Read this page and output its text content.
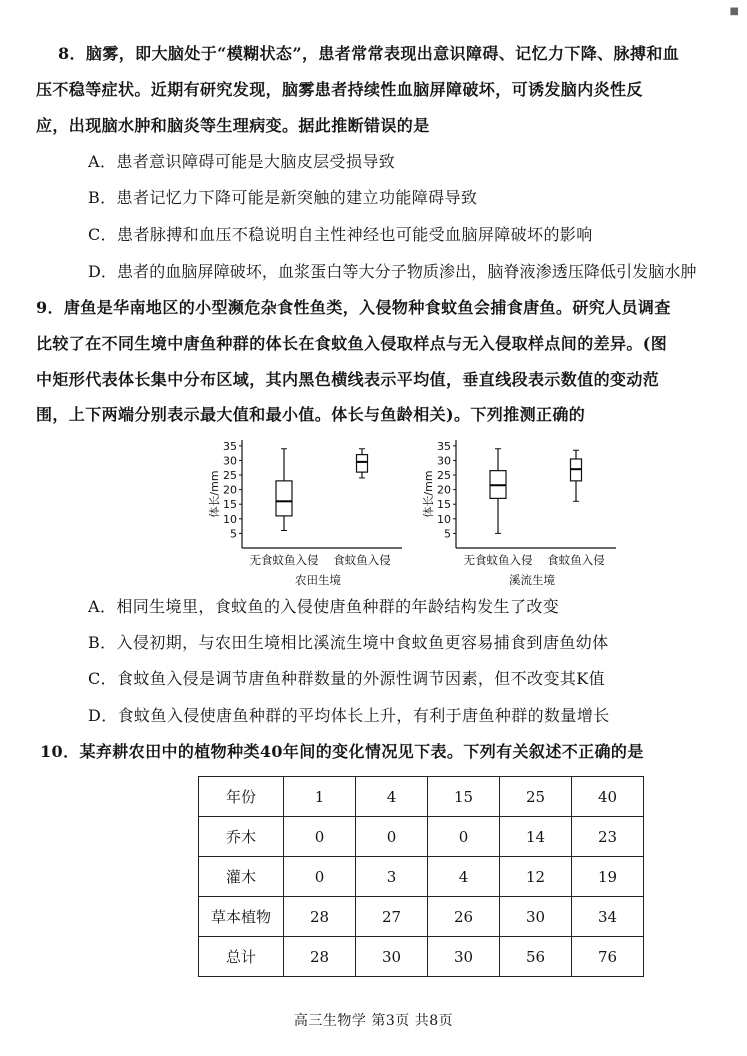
■
8．脑雾，即大脑处于“模糊状态”，患者常常表现出意识障碍、记忆力下降、脉搏和血
压不稳等症状。近期有研究发现，脑雾患者持续性血脑屏障破坏，可诱发脑内炎性反
应，出现脑水肿和脑炎等生理病变。据此推断错误的是
A．患者意识障碍可能是大脑皮层受损导致
B．患者记忆力下降可能是新突触的建立功能障碍导致
C．患者脉搏和血压不稳说明自主性神经也可能受血脑屏障破坏的影响
D．患者的血脑屏障破坏，血浆蛋白等大分子物质渗出，脑脊液渗透压降低引发脑水肿
9．唐鱼是华南地区的小型濒危杂食性鱼类，入侵物种食蚊鱼会捕食唐鱼。研究人员调查
比较了在不同生境中唐鱼种群的体长在食蚊鱼入侵取样点与无入侵取样点间的差异。(图
中矩形代表体长集中分布区域，其内黑色横线表示平均值，垂直线段表示数值的变动范
围，上下两端分别表示最大值和最小值。体长与鱼龄相关)。下列推测正确的
5
10
15
20
25
30
35
体长/mm
无食蚊鱼入侵 食蚊鱼入侵
农田生境
5
10
15
20
25
30
35
体长/mm
无食蚊鱼入侵 食蚊鱼入侵
溪流生境
A．相同生境里，食蚊鱼的入侵使唐鱼种群的年龄结构发生了改变
B．入侵初期，与农田生境相比溪流生境中食蚊鱼更容易捕食到唐鱼幼体
C．食蚊鱼入侵是调节唐鱼种群数量的外源性调节因素，但不改变其K值
D．食蚊鱼入侵使唐鱼种群的平均体长上升，有利于唐鱼种群的数量增长
10．某弃耕农田中的植物种类40年间的变化情况见下表。下列有关叙述不正确的是
年份	1	4	15	25	40
乔木	0	0	0	14	23
灌木	0	3	4	12	19
草本植物	28	27	26	30	34
总计	28	30	30	56	76
高三生物学 第3页 共8页
